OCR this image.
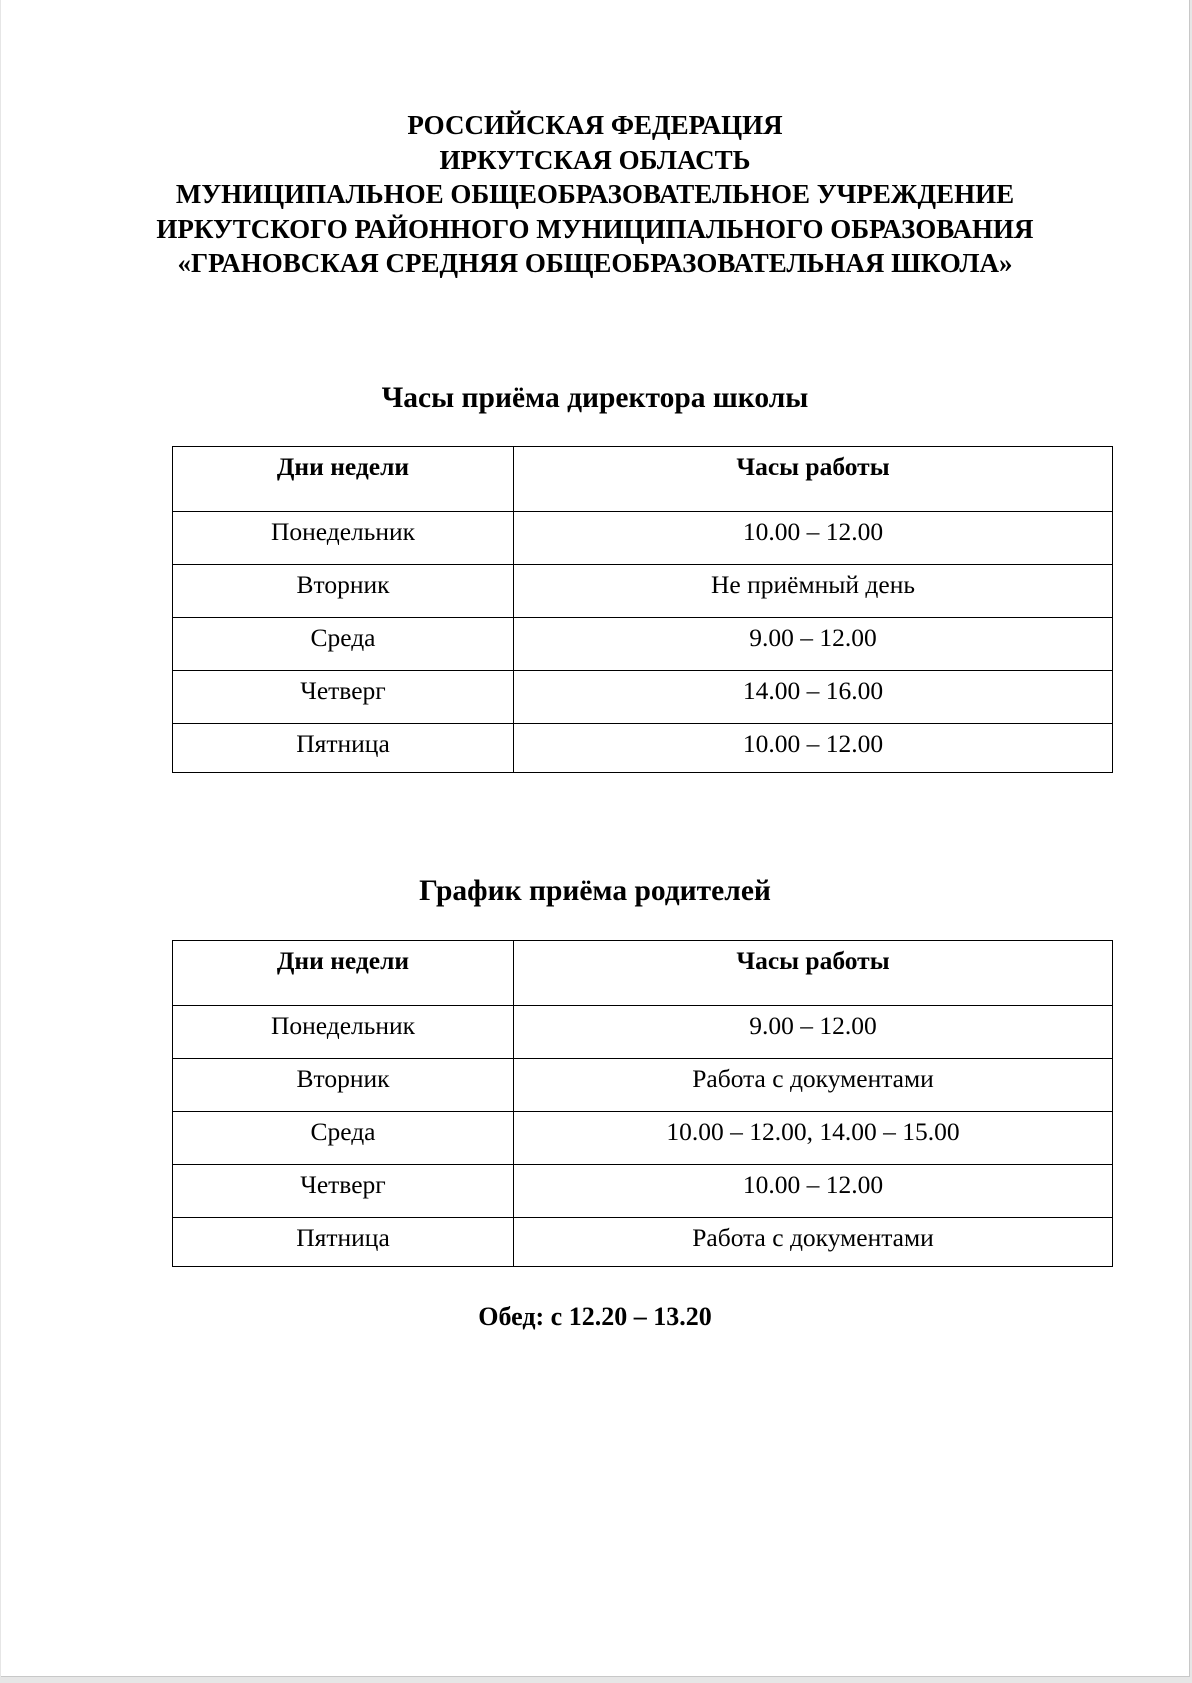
РОССИЙСКАЯ ФЕДЕРАЦИЯ
ИРКУТСКАЯ ОБЛАСТЬ
МУНИЦИПАЛЬНОЕ ОБЩЕОБРАЗОВАТЕЛЬНОЕ УЧРЕЖДЕНИЕ
ИРКУТСКОГО РАЙОННОГО МУНИЦИПАЛЬНОГО ОБРАЗОВАНИЯ
«ГРАНОВСКАЯ СРЕДНЯЯ ОБЩЕОБРАЗОВАТЕЛЬНАЯ ШКОЛА»
Часы приёма директора школы
Дни недели	Часы работы
Понедельник	10.00 – 12.00
Вторник	Не приёмный день
Среда	9.00 – 12.00
Четверг	14.00 – 16.00
Пятница	10.00 – 12.00
График приёма родителей
Дни недели	Часы работы
Понедельник	9.00 – 12.00
Вторник	Работа с документами
Среда	10.00 – 12.00, 14.00 – 15.00
Четверг	10.00 – 12.00
Пятница	Работа с документами
Обед: с 12.20 – 13.20
